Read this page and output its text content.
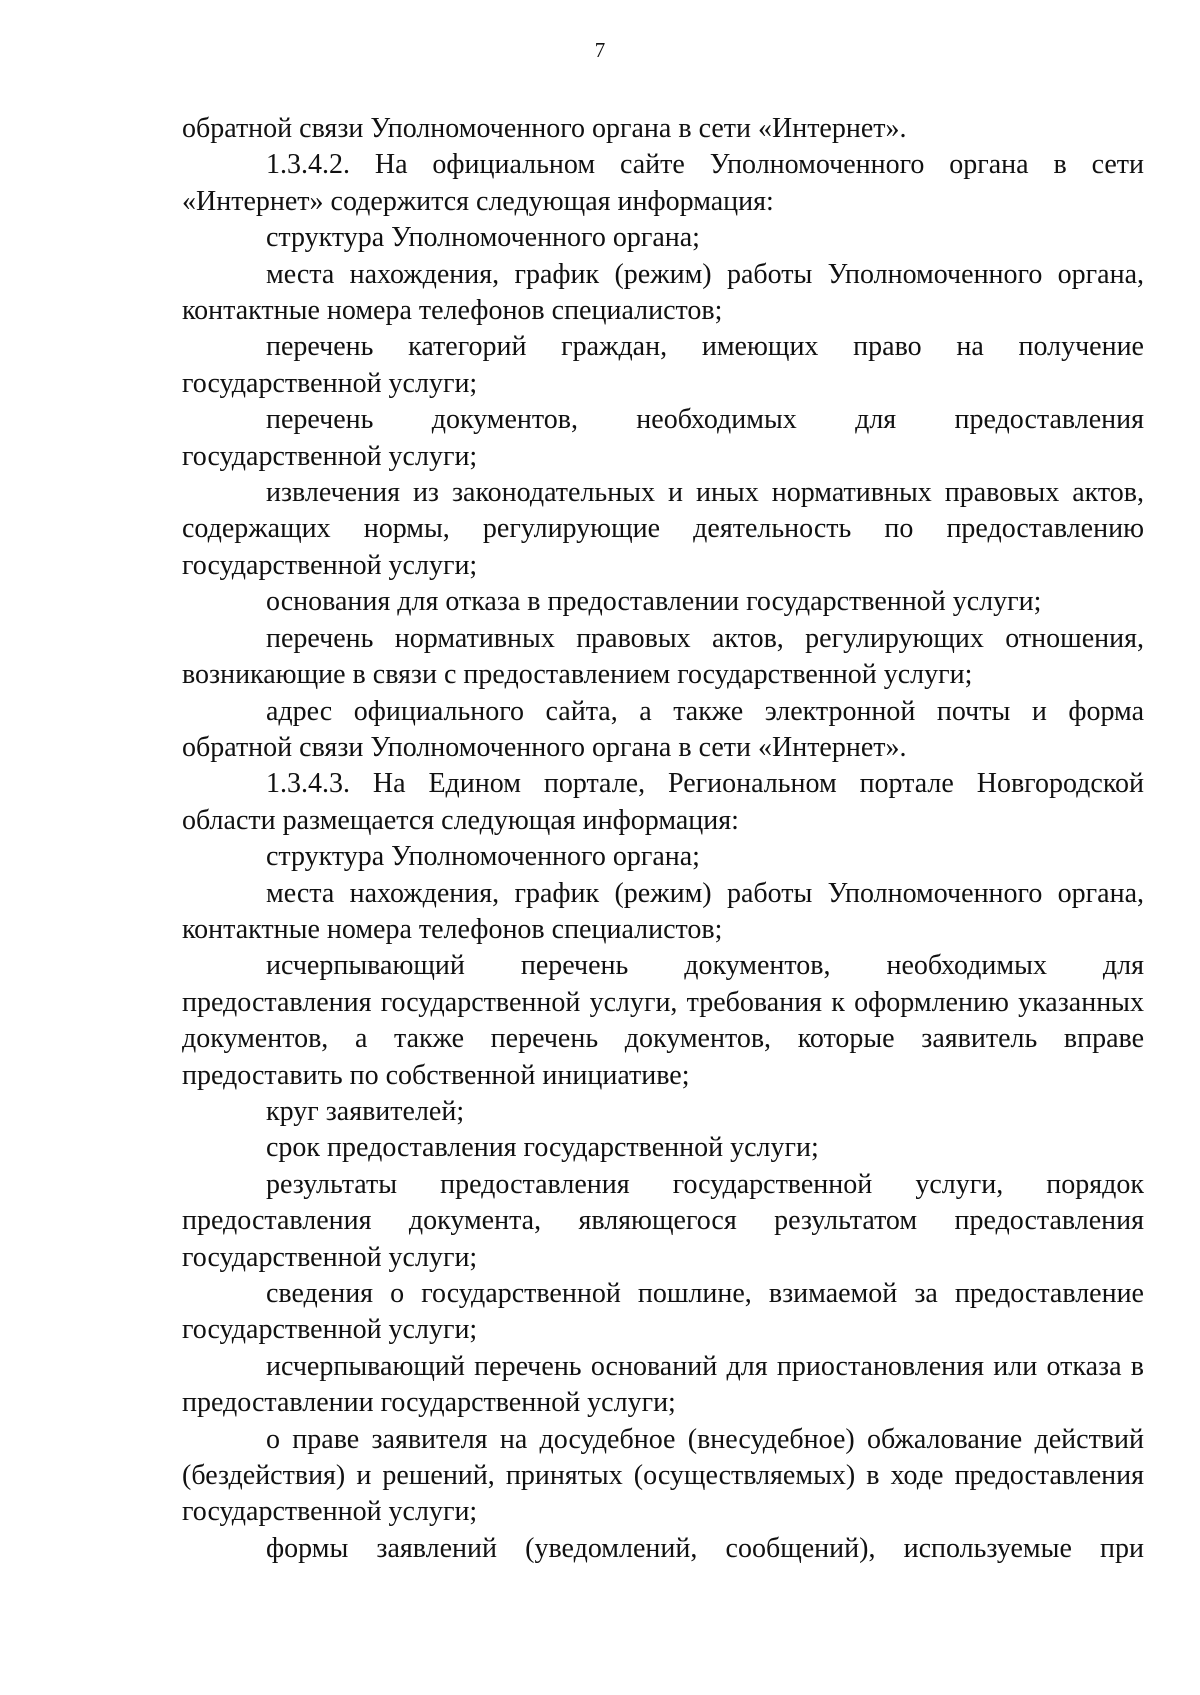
7

обратной связи Уполномоченного органа в сети «Интернет».

1.3.4.2. На официальном сайте Уполномоченного органа в сети «Интернет» содержится следующая информация:

структура Уполномоченного органа;

места нахождения, график (режим) работы Уполномоченного органа, контактные номера телефонов специалистов;

перечень категорий граждан, имеющих право на получение государственной услуги;

перечень документов, необходимых для предоставления государственной услуги;

извлечения из законодательных и иных нормативных правовых актов, содержащих нормы, регулирующие деятельность по предоставлению государственной услуги;

основания для отказа в предоставлении государственной услуги;

перечень нормативных правовых актов, регулирующих отношения, возникающие в связи с предоставлением государственной услуги;

адрес официального сайта, а также электронной почты и форма обратной связи Уполномоченного органа в сети «Интернет».

1.3.4.3. На Едином портале, Региональном портале Новгородской области размещается следующая информация:

структура Уполномоченного органа;

места нахождения, график (режим) работы Уполномоченного органа, контактные номера телефонов специалистов;

исчерпывающий перечень документов, необходимых для предоставления государственной услуги, требования к оформлению указанных документов, а также перечень документов, которые заявитель вправе предоставить по собственной инициативе;

круг заявителей;

срок предоставления государственной услуги;

результаты предоставления государственной услуги, порядок предоставления документа, являющегося результатом предоставления государственной услуги;

сведения о государственной пошлине, взимаемой за предоставление государственной услуги;

исчерпывающий перечень оснований для приостановления или отказа в предоставлении государственной услуги;

о праве заявителя на досудебное (внесудебное) обжалование действий (бездействия) и решений, принятых (осуществляемых) в ходе предоставления государственной услуги;

формы заявлений (уведомлений, сообщений), используемые при
